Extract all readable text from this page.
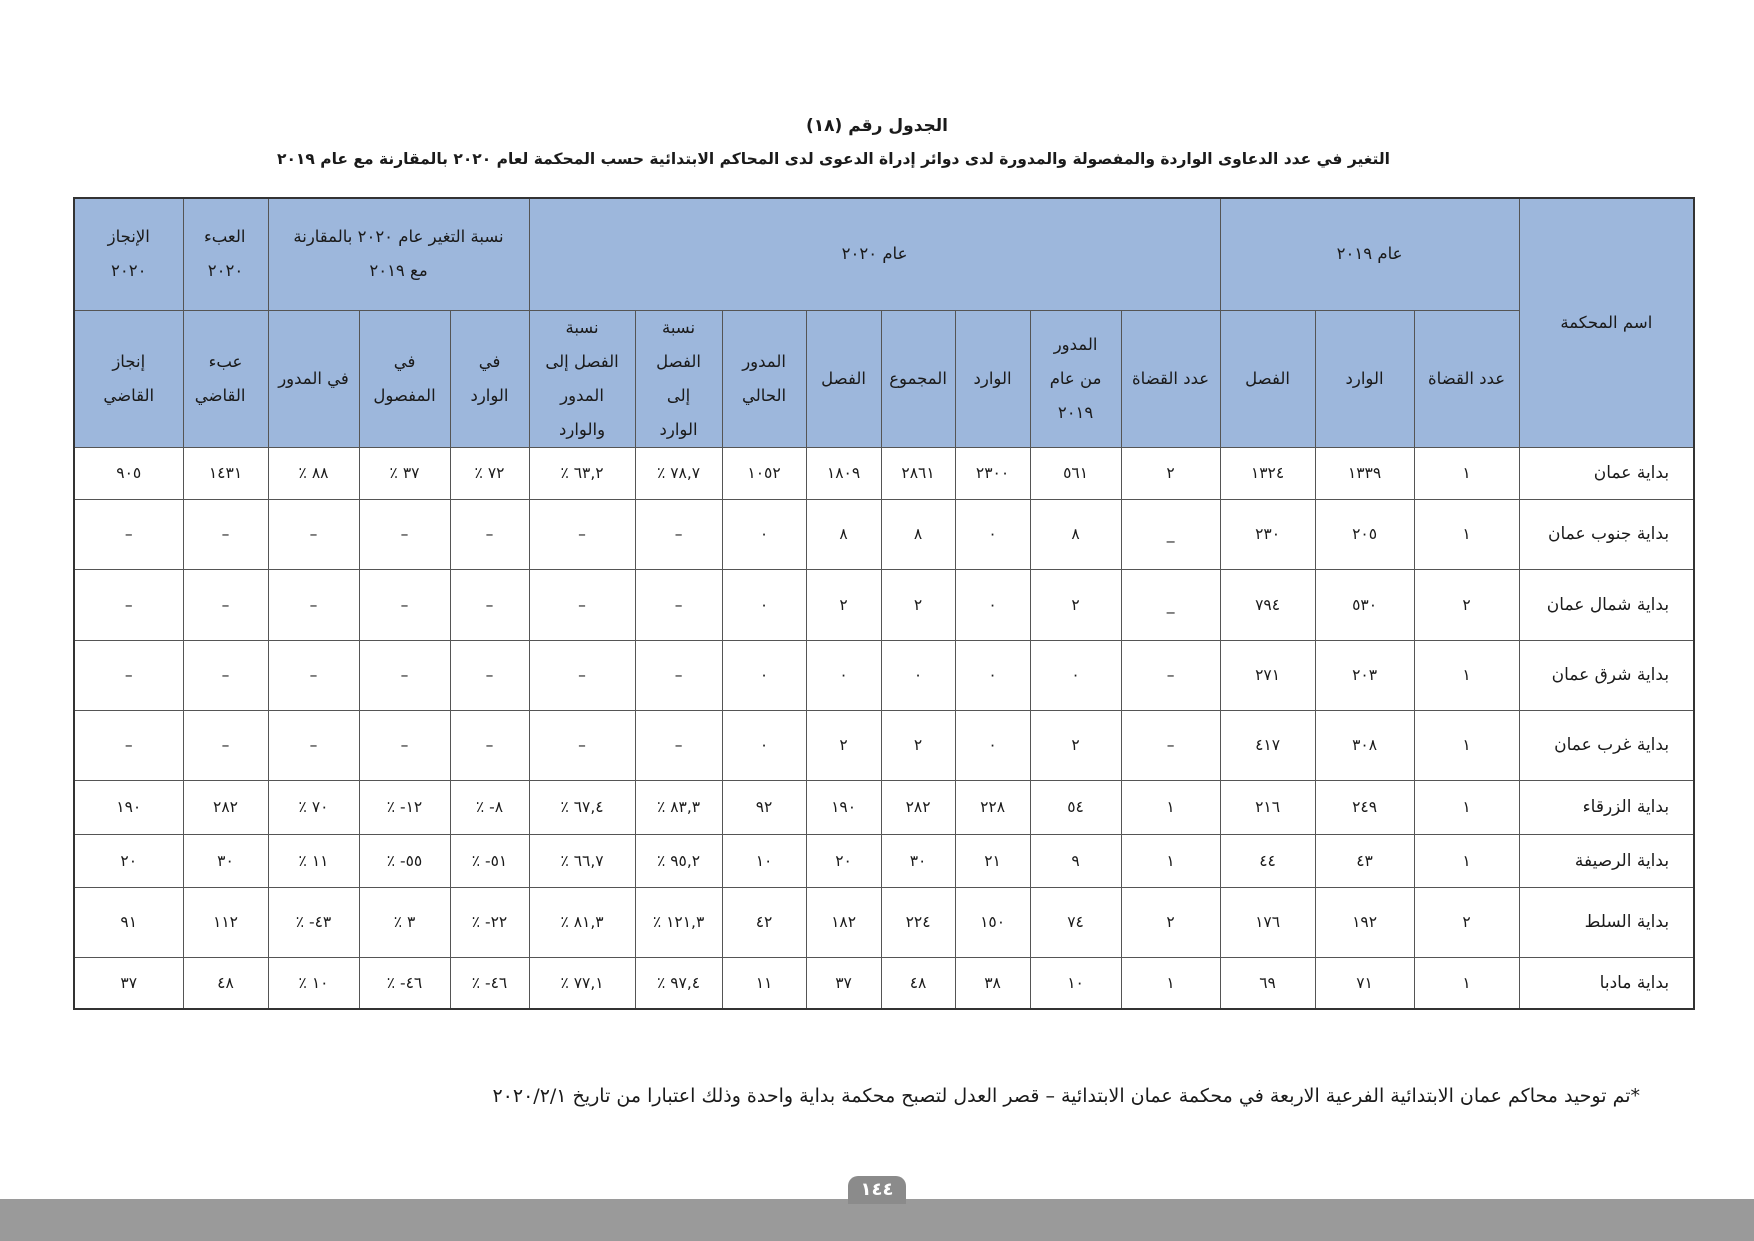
الجدول رقم (١٨)
التغير في عدد الدعاوى الواردة والمفصولة والمدورة لدى دوائر إدراة الدعوى لدى المحاكم الابتدائية حسب المحكمة لعام ٢٠٢٠ بالمقارنة مع عام ٢٠١٩
اسم المحكمة	عام ٢٠١٩			عام ٢٠٢٠								نسبة التغير عام ٢٠٢٠ بالمقارنة مع ٢٠١٩			العبء ٢٠٢٠	الإنجاز ٢٠٢٠
	عدد القضاة	الوارد	الفصل	عدد القضاة	المدور من عام ٢٠١٩	الوارد	المجموع	الفصل	المدور الحالي	نسبة الفصل إلى الوارد	نسبة الفصل إلى المدور والوارد	في الوارد	في المفصول	في المدور	عبء القاضي	إنجاز القاضي
بداية عمان	١	١٣٣٩	١٣٢٤	٢	٥٦١	٢٣٠٠	٢٨٦١	١٨٠٩	١٠٥٢	٧٨,٧ ٪	٦٣,٢ ٪	٧٢ ٪	٣٧ ٪	٨٨ ٪	١٤٣١	٩٠٥
بداية جنوب عمان	١	٢٠٥	٢٣٠	_	٨	٠	٨	٨	٠	–	–	–	–	–	–	–
بداية شمال عمان	٢	٥٣٠	٧٩٤	_	٢	٠	٢	٢	٠	–	–	–	–	–	–	–
بداية شرق عمان	١	٢٠٣	٢٧١	–	٠	٠	٠	٠	٠	–	–	–	–	–	–	–
بداية غرب عمان	١	٣٠٨	٤١٧	–	٢	٠	٢	٢	٠	–	–	–	–	–	–	–
بداية الزرقاء	١	٢٤٩	٢١٦	١	٥٤	٢٢٨	٢٨٢	١٩٠	٩٢	٨٣,٣ ٪	٦٧,٤ ٪	٨- ٪	١٢- ٪	٧٠ ٪	٢٨٢	١٩٠
بداية الرصيفة	١	٤٣	٤٤	١	٩	٢١	٣٠	٢٠	١٠	٩٥,٢ ٪	٦٦,٧ ٪	٥١- ٪	٥٥- ٪	١١ ٪	٣٠	٢٠
بداية السلط	٢	١٩٢	١٧٦	٢	٧٤	١٥٠	٢٢٤	١٨٢	٤٢	١٢١,٣ ٪	٨١,٣ ٪	٢٢- ٪	٣ ٪	٤٣- ٪	١١٢	٩١
بداية مادبا	١	٧١	٦٩	١	١٠	٣٨	٤٨	٣٧	١١	٩٧,٤ ٪	٧٧,١ ٪	٤٦- ٪	٤٦- ٪	١٠ ٪	٤٨	٣٧
*تم توحيد محاكم عمان الابتدائية الفرعية الاربعة في محكمة عمان الابتدائية – قصر العدل لتصبح محكمة بداية واحدة وذلك اعتبارا من تاريخ ٢٠٢٠/٢/١
١٤٤
